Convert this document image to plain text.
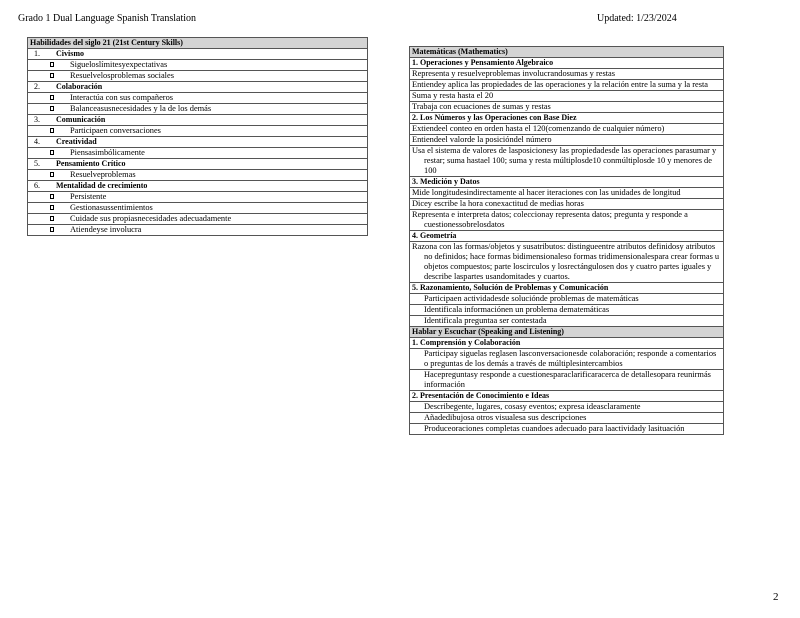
Grado 1 Dual Language Spanish Translation	Updated: 1/23/2024
Habilidades del siglo 21 (21st Century Skills)
1. Civismo

Sigueloslímitesyexpectativas

Resuelvelosproblemas sociales
2. Colaboración

Interactúa con sus compañeros

Balanceasusnecesidades y la de los demás
3. Comunicación

Participaen conversaciones
4. Creatividad

Piensasimbólicamente
5. Pensamiento Crítico

Resuelveproblemas
6. Mentalidad de crecimiento

Persistente

Gestionasussentimientos

Cuidade sus propiasnecesidades adecuadamente

Atiendeyse involucra
Matemáticas (Mathematics)
1. Operaciones y Pensamiento Algebraico
Representa y resuelveproblemas involucrandosumas y restas
Entiendey aplica las propiedades de las operaciones y la relación entre la suma y la resta
Suma y resta hasta el 20
Trabaja con ecuaciones de sumas y restas
2. Los Números y las Operaciones con Base Diez
Extiendeel conteo en orden hasta el 120(comenzando de cualquier número)
Entiendeel valorde la posicióndel número
Usa el sistema de valores de lasposicionesy las propiedadesde las operaciones parasumar y restar; suma hastael 100; suma y resta múltiplosde10 conmúltiplosde 10 y menores de 100
3. Medición y Datos
Mide longitudesindirectamente al hacer iteraciones con las unidades de longitud
Dicey escribe la hora conexactitud de medias horas
Representa e interpreta datos; coleccionay representa datos; pregunta y responde a cuestionessobrelosdatos
4. Geometría
Razona con las formas/objetos y susatributos: distingueentre atributos definidosy atributos no definidos; hace formas bidimensionaleso formas tridimensionalespara crear formas u objetos compuestos; parte loscirculos y losrectángulosen dos y cuatro partes iguales y describe laspartes usandomitades y cuartos.
5. Razonamiento, Solución de Problemas y Comunicación
Participaen actividadesde soluciónde problemas de matemáticas
Identificala informaciónen un problema dematemáticas
Identificala preguntaa ser contestada
Hablar y Escuchar (Speaking and Listening)
1. Comprensión y Colaboración
Participay siguelas reglasen lasconversacionesde colaboración; responde a comentarios o preguntas de los demás a través de múltiplesintercambios
Hacepreguntasy responde a cuestionesparaclarificaracerca de detallesopara reunirmás información
2. Presentación de Conocimiento e Ideas
Describegente, lugares, cosasy eventos; expresa ideasclaramente
Añadedibujosa otros visualesa sus descripciones
Produceoraciones completas cuandoes adecuado para laactividady lasituación
2
